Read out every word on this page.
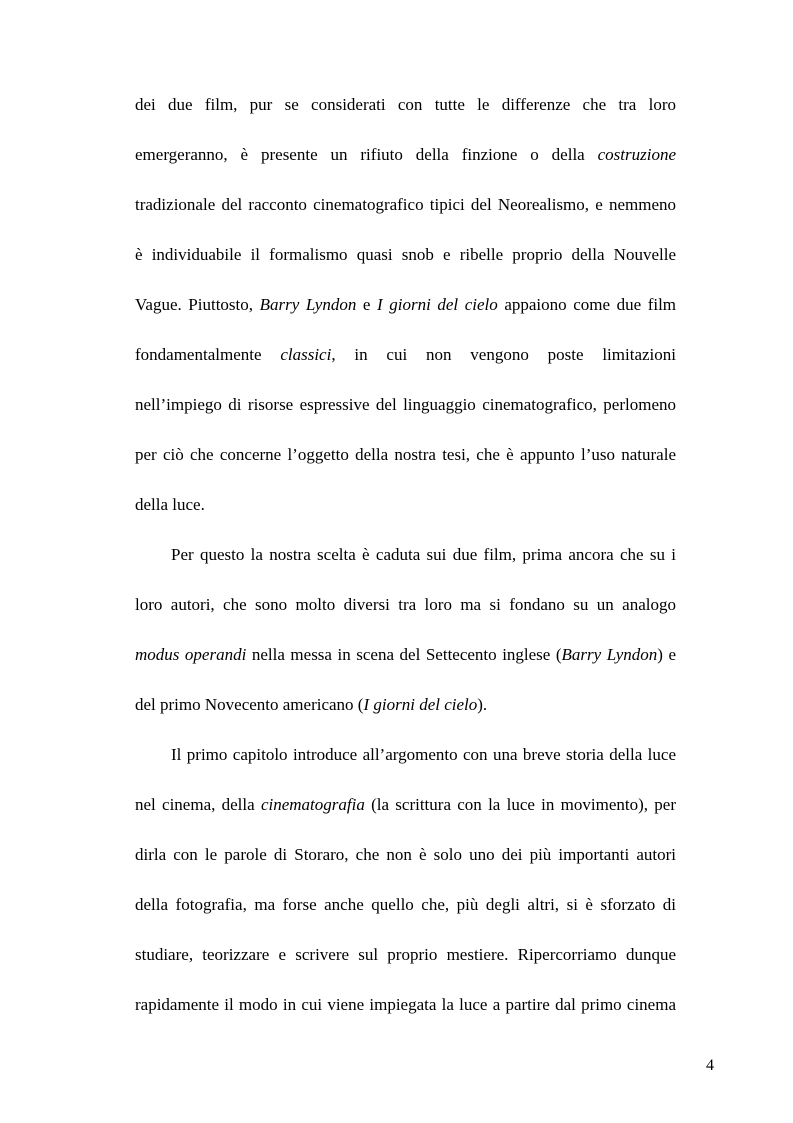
dei due film, pur se considerati con tutte le differenze che tra loro
emergeranno, è presente un rifiuto della finzione o della costruzione
tradizionale del racconto cinematografico tipici del Neorealismo, e nemmeno
è individuabile il formalismo quasi snob e ribelle proprio della Nouvelle
Vague. Piuttosto, Barry Lyndon e I giorni del cielo appaiono come due film
fondamentalmente classici, in cui non vengono poste limitazioni
nell’impiego di risorse espressive del linguaggio cinematografico, perlomeno
per ciò che concerne l’oggetto della nostra tesi, che è appunto l’uso naturale
della luce.
Per questo la nostra scelta è caduta sui due film, prima ancora che su i
loro autori, che sono molto diversi tra loro ma si fondano su un analogo
modus operandi nella messa in scena del Settecento inglese (Barry Lyndon) e
del primo Novecento americano (I giorni del cielo).
Il primo capitolo introduce all’argomento con una breve storia della luce
nel cinema, della cinematografia (la scrittura con la luce in movimento), per
dirla con le parole di Storaro, che non è solo uno dei più importanti autori
della fotografia, ma forse anche quello che, più degli altri, si è sforzato di
studiare, teorizzare e scrivere sul proprio mestiere. Ripercorriamo dunque
rapidamente il modo in cui viene impiegata la luce a partire dal primo cinema
4
